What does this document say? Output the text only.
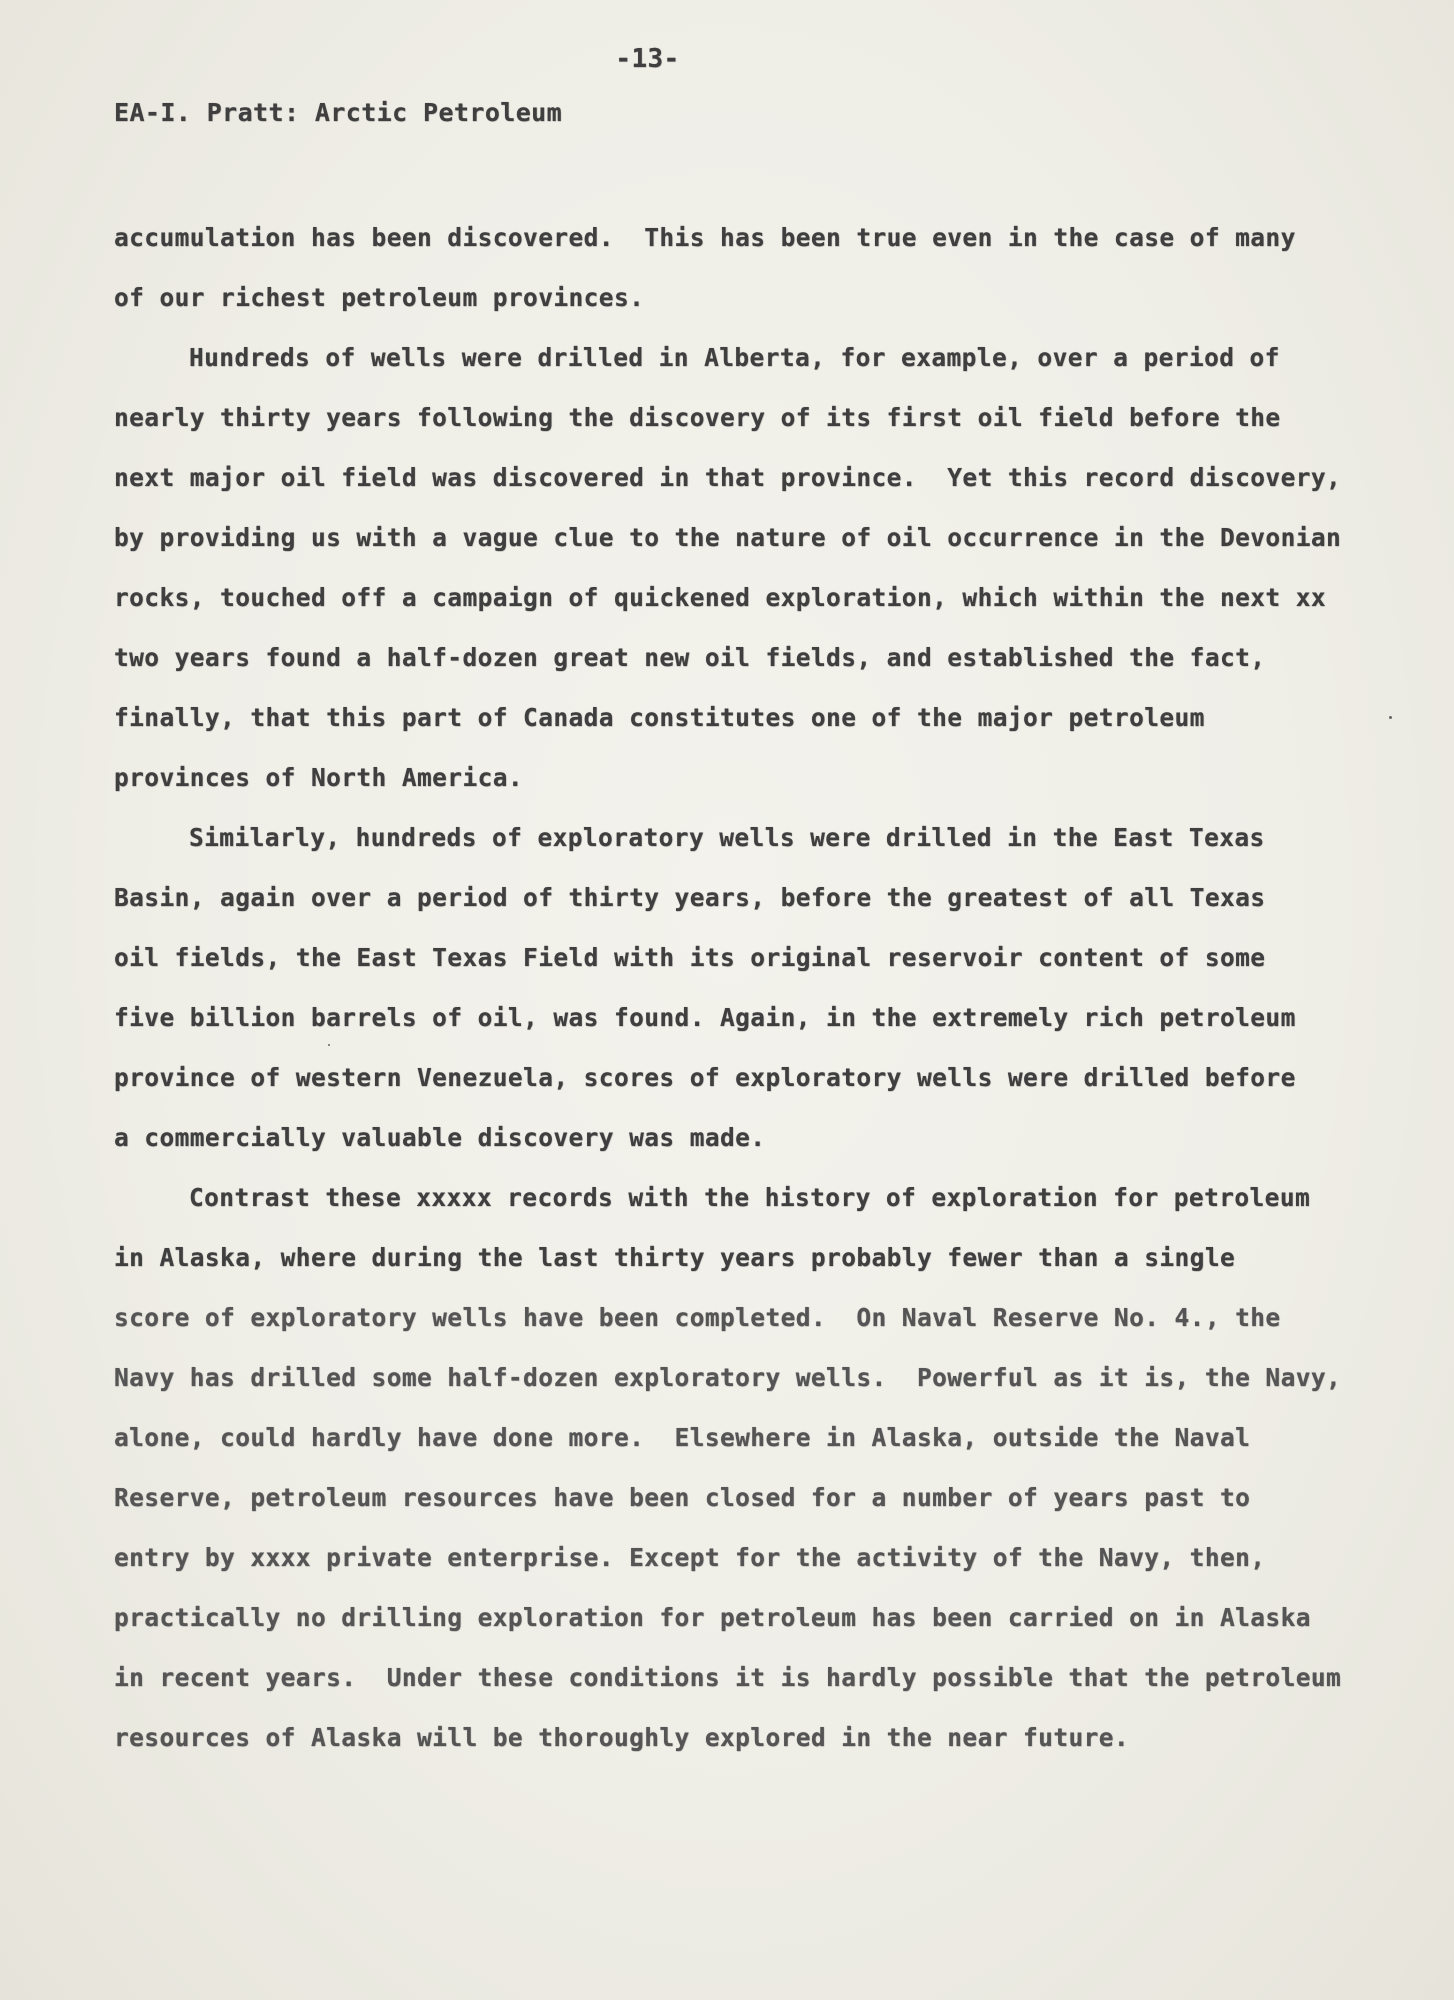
-13-
EA-I. Pratt: Arctic Petroleum
accumulation has been discovered.  This has been true even in the case of many
of our richest petroleum provinces.
Hundreds of wells were drilled in Alberta, for example, over a period of
nearly thirty years following the discovery of its first oil field before the
next major oil field was discovered in that province.  Yet this record discovery,
by providing us with a vague clue to the nature of oil occurrence in the Devonian
rocks, touched off a campaign of quickened exploration, which within the next xx
two years found a half-dozen great new oil fields, and established the fact,
finally, that this part of Canada constitutes one of the major petroleum
provinces of North America.
Similarly, hundreds of exploratory wells were drilled in the East Texas
Basin, again over a period of thirty years, before the greatest of all Texas
oil fields, the East Texas Field with its original reservoir content of some
five billion barrels of oil, was found. Again, in the extremely rich petroleum
province of western Venezuela, scores of exploratory wells were drilled before
a commercially valuable discovery was made.
Contrast these xxxxx records with the history of exploration for petroleum
in Alaska, where during the last thirty years probably fewer than a single
score of exploratory wells have been completed.  On Naval Reserve No. 4., the
Navy has drilled some half-dozen exploratory wells.  Powerful as it is, the Navy,
alone, could hardly have done more.  Elsewhere in Alaska, outside the Naval
Reserve, petroleum resources have been closed for a number of years past to
entry by xxxx private enterprise. Except for the activity of the Navy, then,
practically no drilling exploration for petroleum has been carried on in Alaska
in recent years.  Under these conditions it is hardly possible that the petroleum
resources of Alaska will be thoroughly explored in the near future.
